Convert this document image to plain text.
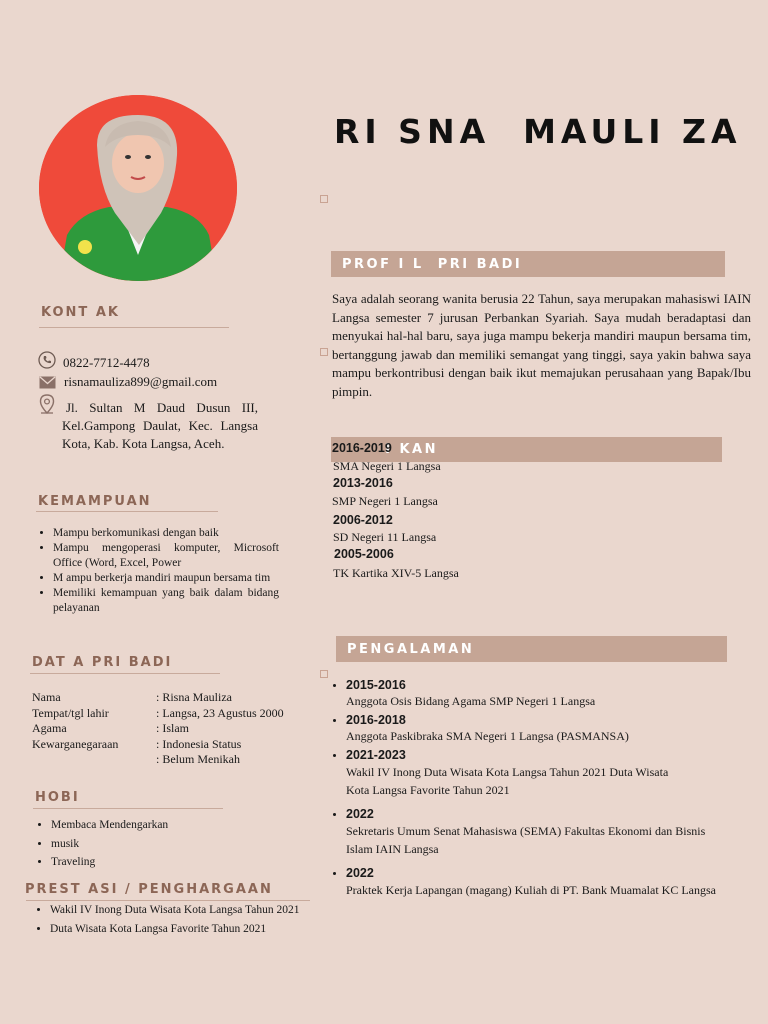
RI SNA  MAULI ZA
KONT AK
0822-7712-4478
risnamauliza899@gmail.com
Jl. Sultan M Daud Dusun III, Kel.Gampong Daulat, Kec. Langsa Kota, Kab. Kota Langsa, Aceh.
KEMAMPUAN
• Mampu berkomunikasi dengan baik
• Mampu mengoperasi komputer, Microsoft Office (Word, Excel, Power
• M ampu berkerja mandiri maupun bersama tim
• Memiliki kemampuan yang baik dalam bidang pelayanan
DAT A PRI BADI
Nama	: Risna Mauliza
Tempat/tgl lahir	: Langsa, 23 Agustus 2000
Agama	: Islam
Kewarganegaraan	: Indonesia Status
: Belum Menikah
HOBI
• Membaca Mendengarkan
• musik
• Traveling
PREST ASI / PENGHARGAAN
• Wakil IV Inong Duta Wisata Kota Langsa Tahun 2021
• Duta Wisata Kota Langsa Favorite Tahun 2021
PROF I L  PRI BADI
Saya adalah seorang wanita berusia 22 Tahun, saya merupakan mahasiswi IAIN Langsa semester 7 jurusan Perbankan Syariah. Saya mudah beradaptasi dan menyukai hal-hal baru, saya juga mampu bekerja mandiri maupun bersama tim, bertanggung jawab dan memiliki semangat yang tinggi, saya yakin bahwa saya mampu berkontribusi dengan baik ikut memajukan perusahaan yang Bapak/Ibu pimpin.
I KAN
2016-2019
SMA Negeri 1 Langsa
2013-2016
SMP Negeri 1 Langsa
2006-2012
SD Negeri 11 Langsa
2005-2006
TK Kartika XIV-5 Langsa
PENGALAMAN
• 2015-2016
Anggota Osis Bidang Agama SMP Negeri 1 Langsa
• 2016-2018
Anggota Paskibraka SMA Negeri 1 Langsa (PASMANSA)
• 2021-2023
Wakil IV Inong Duta Wisata Kota Langsa Tahun 2021 Duta Wisata Kota Langsa Favorite Tahun 2021
• 2022
Sekretaris Umum Senat Mahasiswa (SEMA) Fakultas Ekonomi dan Bisnis Islam IAIN Langsa
• 2022
Praktek Kerja Lapangan (magang) Kuliah di PT. Bank Muamalat KC Langsa
